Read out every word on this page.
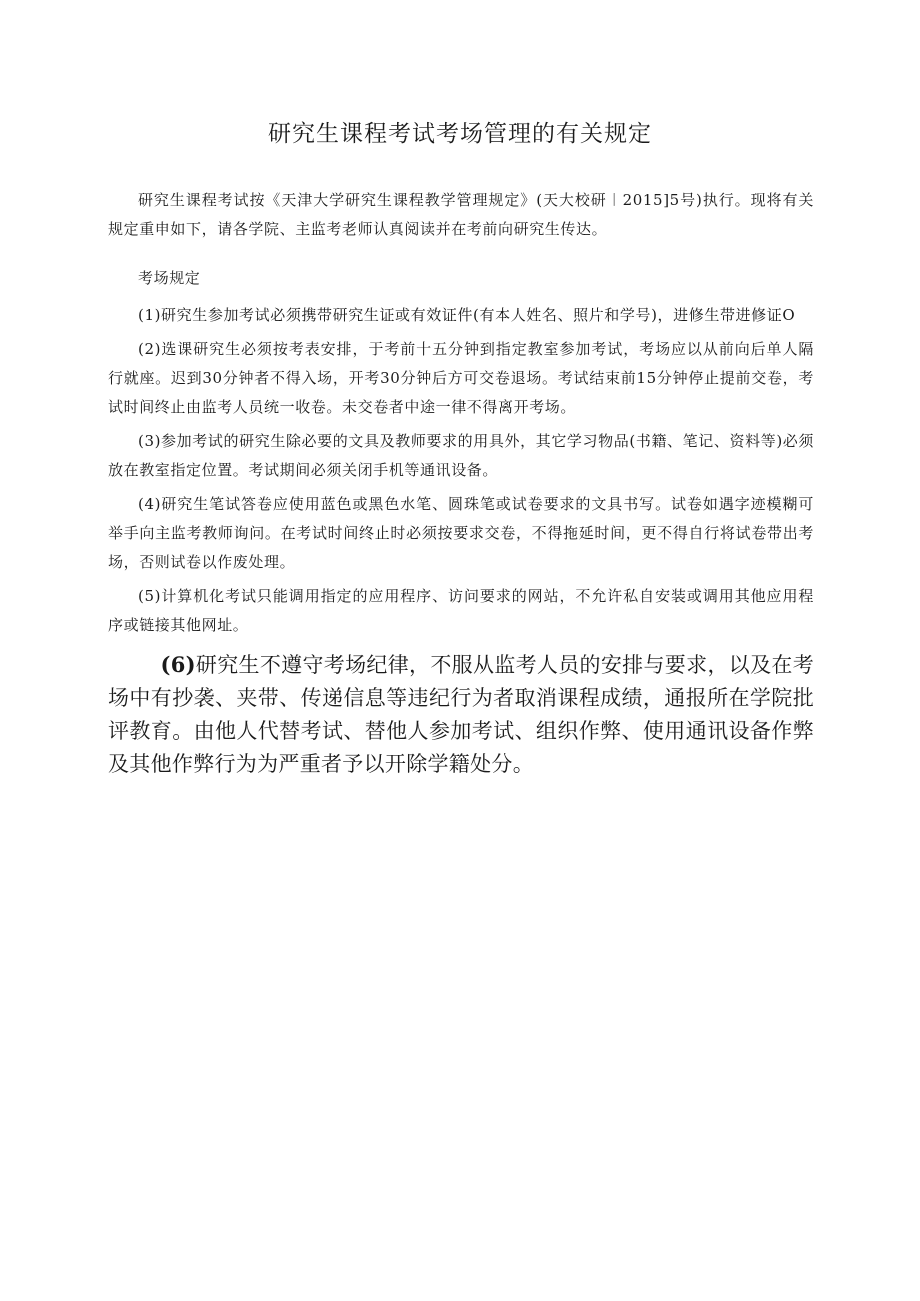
研究生课程考试考场管理的有关规定

研究生课程考试按《天津大学研究生课程教学管理规定》(天大校研︱2015]5号)执行。现将有关规定重申如下，请各学院、主监考老师认真阅读并在考前向研究生传达。

考场规定

(1)研究生参加考试必须携带研究生证或有效证件(有本人姓名、照片和学号)，进修生带进修证O

(2)选课研究生必须按考表安排，于考前十五分钟到指定教室参加考试，考场应以从前向后单人隔行就座。迟到30分钟者不得入场，开考30分钟后方可交卷退场。考试结束前15分钟停止提前交卷，考试时间终止由监考人员统一收卷。未交卷者中途一律不得离开考场。

(3)参加考试的研究生除必要的文具及教师要求的用具外，其它学习物品(书籍、笔记、资料等)必须放在教室指定位置。考试期间必须关闭手机等通讯设备。

(4)研究生笔试答卷应使用蓝色或黑色水笔、圆珠笔或试卷要求的文具书写。试卷如遇字迹模糊可举手向主监考教师询问。在考试时间终止时必须按要求交卷，不得拖延时间，更不得自行将试卷带出考场，否则试卷以作废处理。

(5)计算机化考试只能调用指定的应用程序、访问要求的网站，不允许私自安装或调用其他应用程序或链接其他网址。

(6)研究生不遵守考场纪律，不服从监考人员的安排与要求，以及在考场中有抄袭、夹带、传递信息等违纪行为者取消课程成绩，通报所在学院批评教育。由他人代替考试、替他人参加考试、组织作弊、使用通讯设备作弊及其他作弊行为为严重者予以开除学籍处分。
